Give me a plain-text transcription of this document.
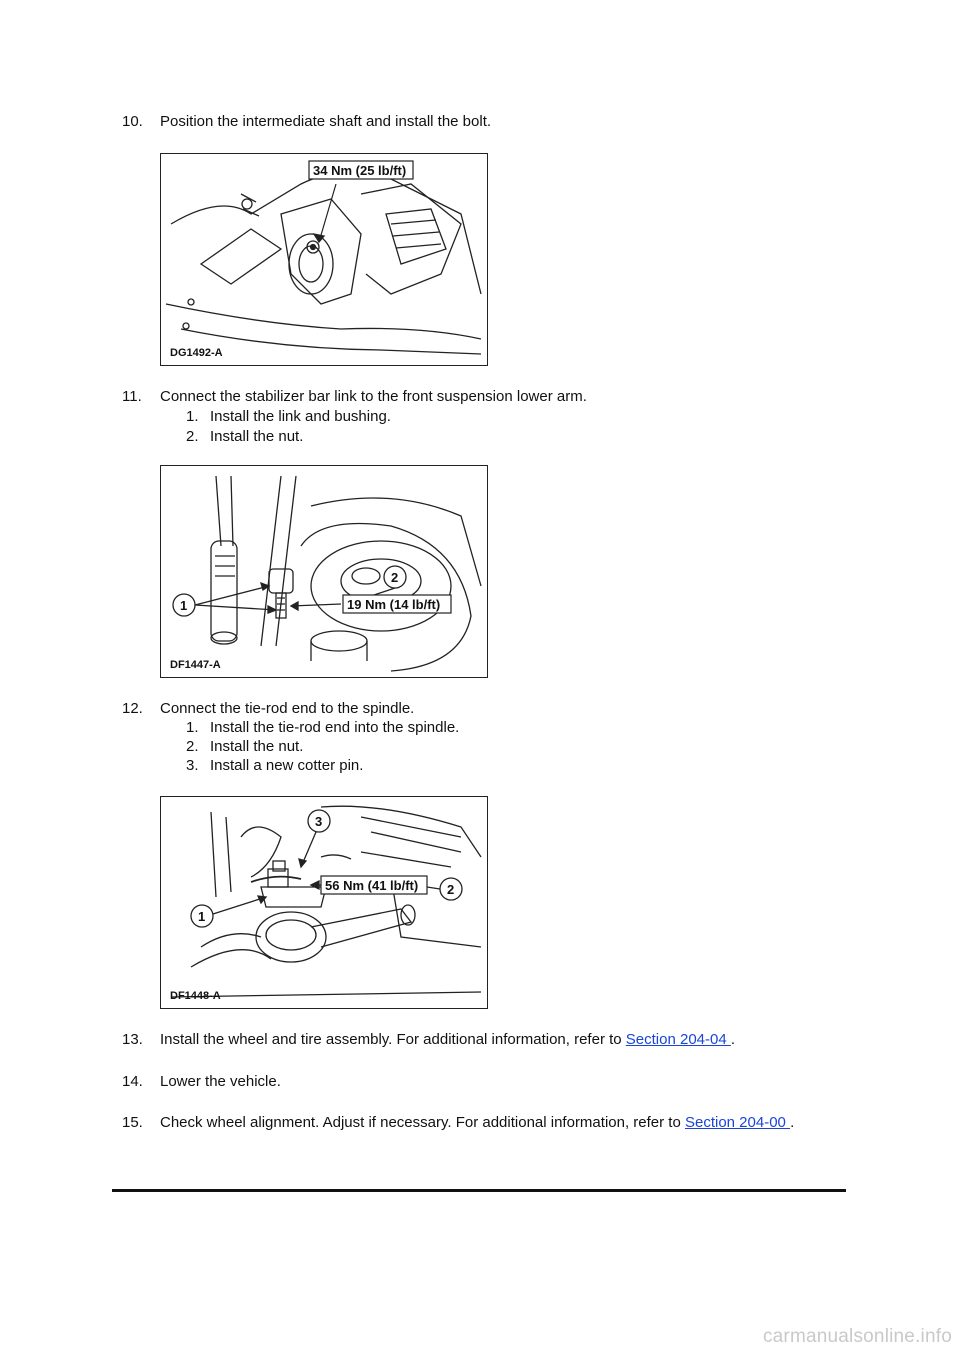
10.	Position the intermediate shaft and install the bolt.
34 Nm (25 lb/ft)
DG1492-A
11.	Connect the stabilizer bar link to the front suspension lower arm.
1. Install the link and bushing.
2. Install the nut.
2
1	19 Nm (14 lb/ft)
DF1447-A
12.	Connect the tie-rod end to the spindle.
1. Install the tie-rod end into the spindle.
2. Install the nut.
3. Install a new cotter pin.
3
2
1
56 Nm (41 lb/ft)
DF1448-A
13.	Install the wheel and tire assembly. For additional information, refer to Section 204-04 .
14.	Lower the vehicle.
15.	Check wheel alignment. Adjust if necessary. For additional information, refer to Section 204-00 .
carmanualsonline.info
